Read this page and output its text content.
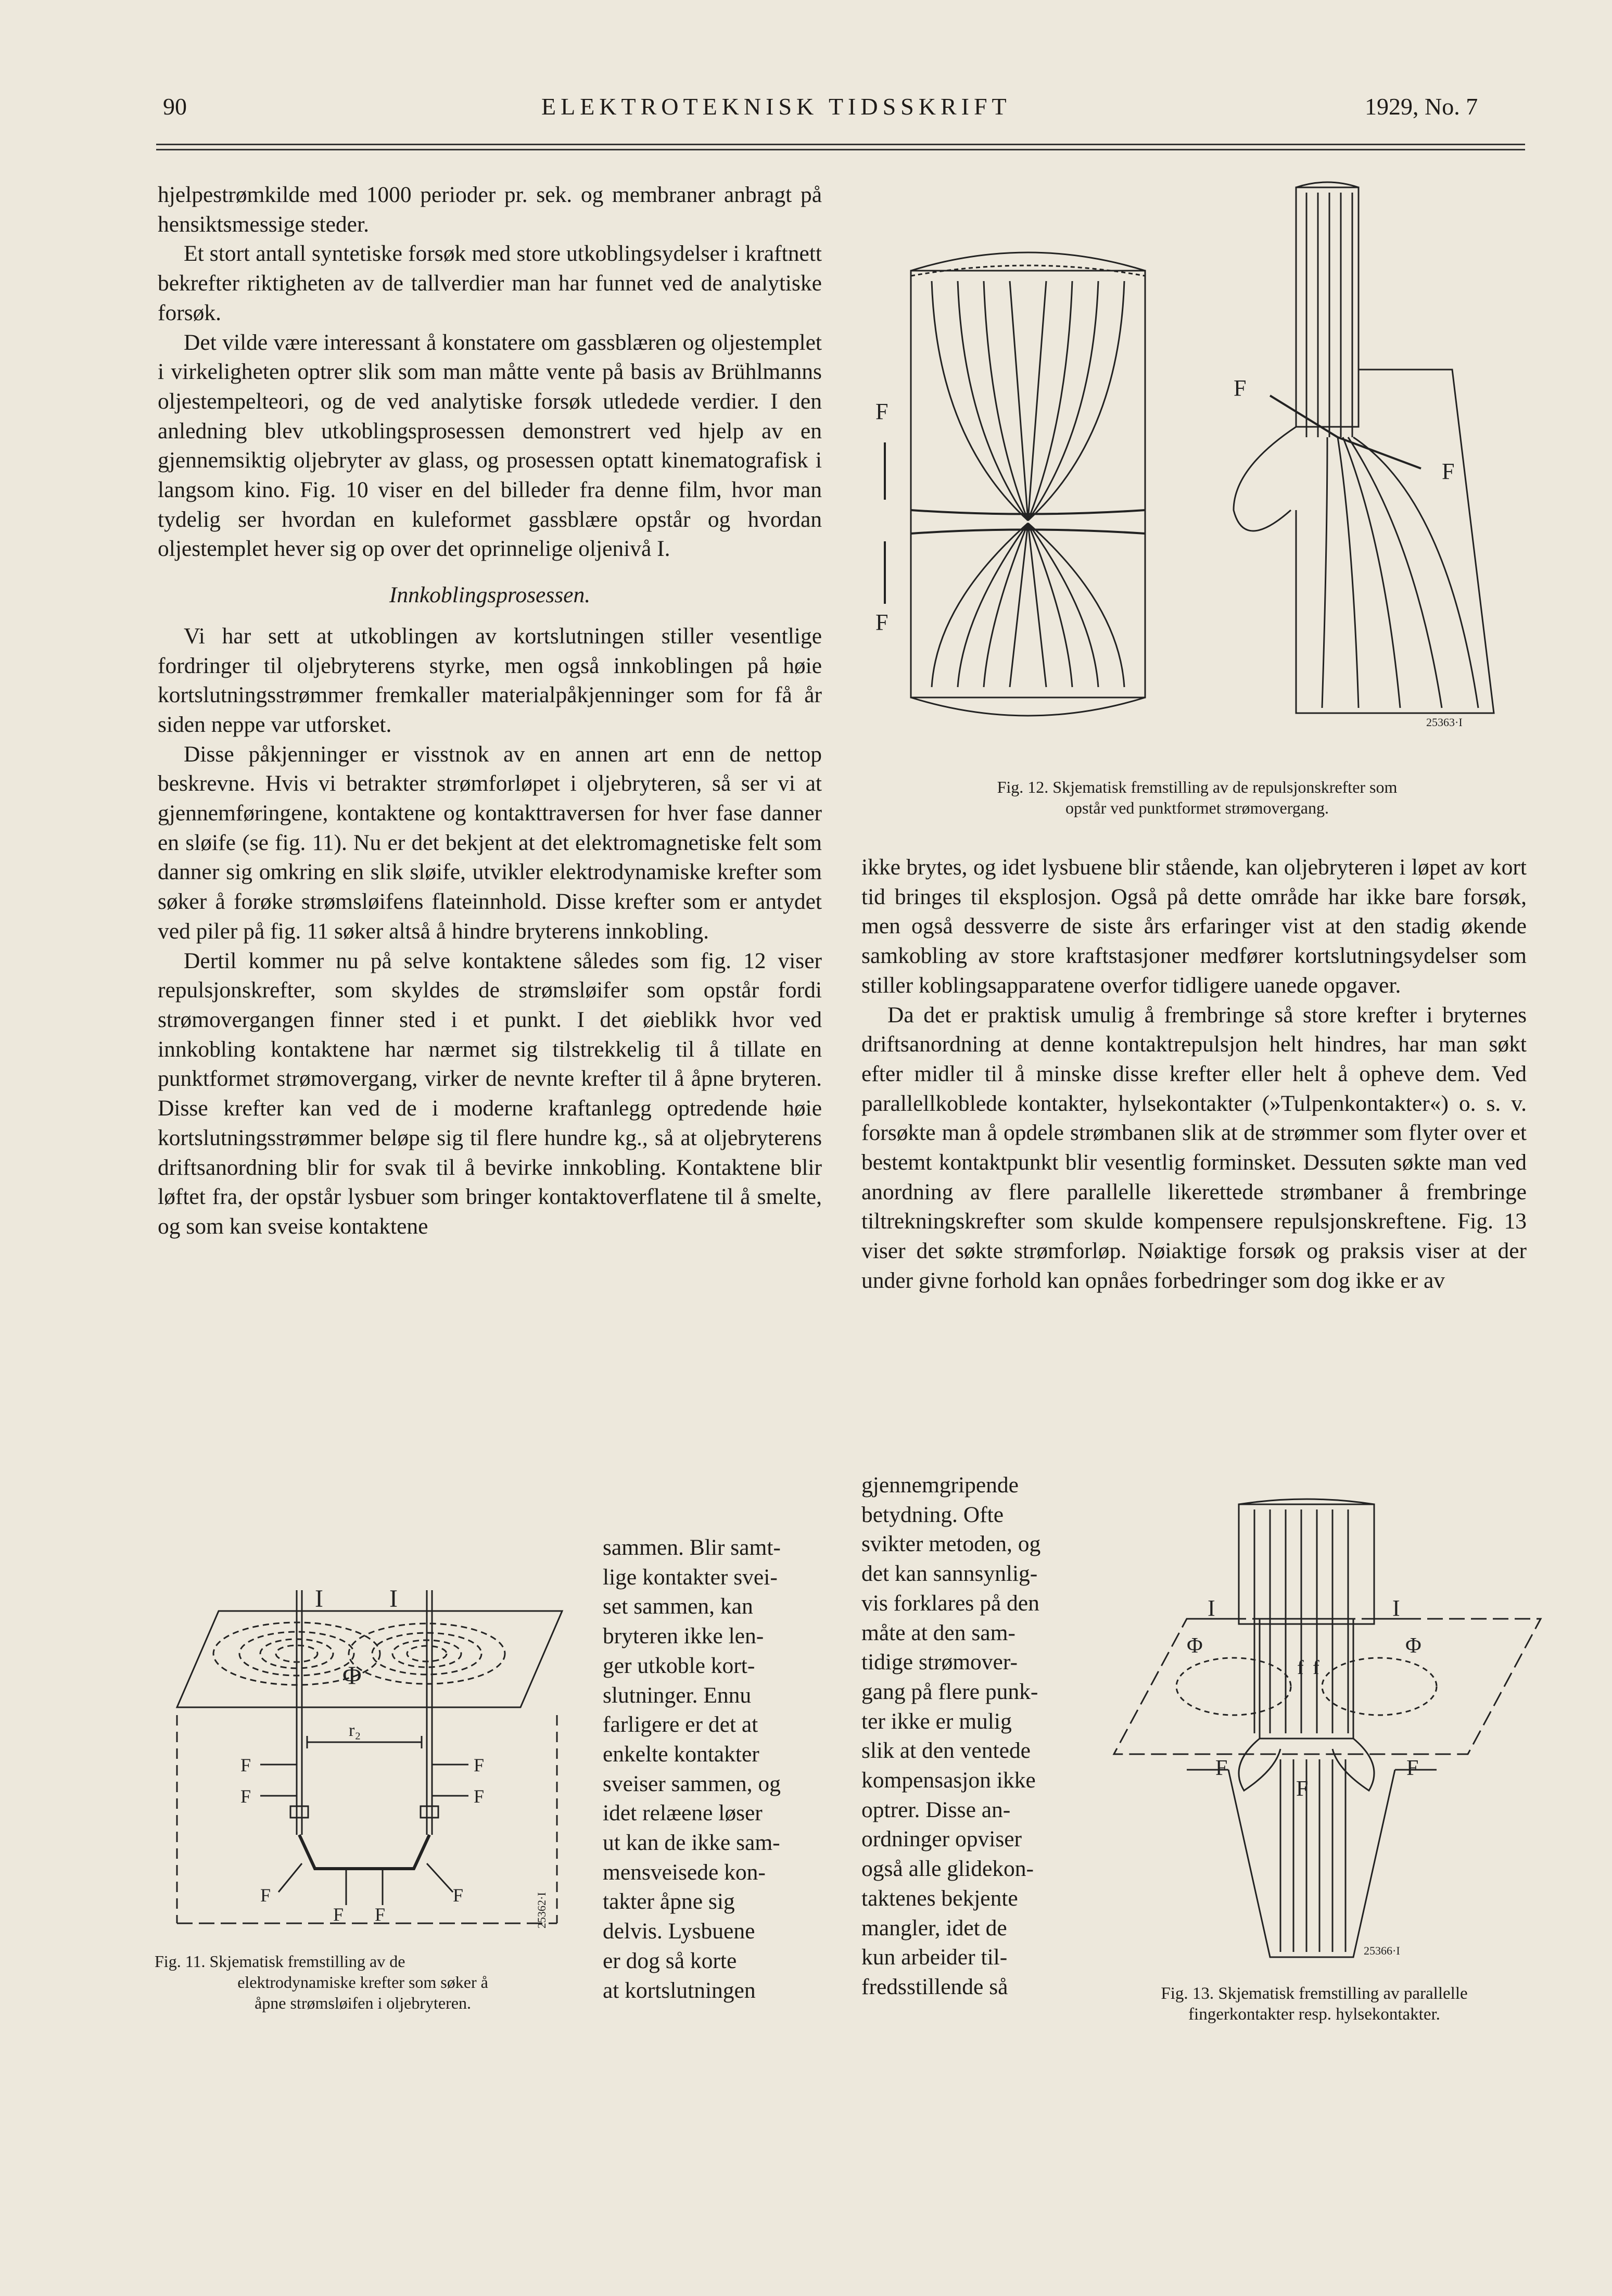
90	ELEKTROTEKNISK TIDSSKRIFT	1929, No. 7

hjelpestrømkilde med 1000 perioder pr. sek. og membraner anbragt på hensiktsmessige steder.

Et stort antall syntetiske forsøk med store utkoblingsydelser i kraftnett bekrefter riktigheten av de tallverdier man har funnet ved de analytiske forsøk.

Det vilde være interessant å konstatere om gassblæren og oljestemplet i virkeligheten optrer slik som man måtte vente på basis av Brühlmanns oljestempelteori, og de ved analytiske forsøk utledede verdier. I den anledning blev utkoblingsprosessen demonstrert ved hjelp av en gjennemsiktig oljebryter av glass, og prosessen optatt kinematografisk i langsom kino. Fig. 10 viser en del billeder fra denne film, hvor man tydelig ser hvordan en kuleformet gassblære opstår og hvordan oljestemplet hever sig op over det oprinnelige oljenivå I.

Innkoblingsprosessen.

Vi har sett at utkoblingen av kortslutningen stiller vesentlige fordringer til oljebryterens styrke, men også innkoblingen på høie kortslutningsstrømmer fremkaller materialpåkjenninger som for få år siden neppe var utforsket.

Disse påkjenninger er visstnok av en annen art enn de nettop beskrevne. Hvis vi betrakter strømforløpet i oljebryteren, så ser vi at gjennemføringene, kontaktene og kontakttraversen for hver fase danner en sløife (se fig. 11). Nu er det bekjent at det elektromagnetiske felt som danner sig omkring en slik sløife, utvikler elektrodynamiske krefter som søker å forøke strømsløifens flateinnhold. Disse krefter som er antydet ved piler på fig. 11 søker altså å hindre bryterens innkobling.

Dertil kommer nu på selve kontaktene således som fig. 12 viser repulsjonskrefter, som skyldes de strømsløifer som opstår fordi strømovergangen finner sted i et punkt. I det øieblikk hvor ved innkobling kontaktene har nærmet sig tilstrekkelig til å tillate en punktformet strømovergang, virker de nevnte krefter til å åpne bryteren. Disse krefter kan ved de i moderne kraftanlegg optredende høie kortslutningsstrømmer beløpe sig til flere hundre kg., så at oljebryterens driftsanordning blir for svak til å bevirke innkobling. Kontaktene blir løftet fra, der opstår lysbuer som bringer kontaktoverflatene til å smelte, og som kan sveise kontaktene

sammen. Blir samt-
lige kontakter svei-
set sammen, kan
bryteren ikke len-
ger utkoble kort-
slutninger. Ennu
farligere er det at
enkelte kontakter
sveiser sammen, og
idet relæene løser
ut kan de ikke sam-
mensveisede kon-
takter åpne sig
delvis. Lysbuene
er dog så korte
at kortslutningen
I	I
Φ
r₂
F
F
F
F
F	F
F F	25362·I
Fig. 11. Skjematisk fremstilling av de
elektrodynamiske krefter som søker å
åpne strømsløifen i oljebryteren.
F
F
F
F
25363·I
Fig. 12. Skjematisk fremstilling av de repulsjonskrefter som
opstår ved punktformet strømovergang.

ikke brytes, og idet lysbuene blir stående, kan oljebryteren i løpet av kort tid bringes til eksplosjon. Også på dette område har ikke bare forsøk, men også dessverre de siste års erfaringer vist at den stadig økende samkobling av store kraftstasjoner medfører kortslutningsydelser som stiller koblingsapparatene overfor tidligere uanede opgaver.

Da det er praktisk umulig å frembringe så store krefter i bryternes driftsanordning at denne kontaktrepulsjon helt hindres, har man søkt efter midler til å minske disse krefter eller helt å opheve dem. Ved parallellkoblede kontakter, hylsekontakter (»Tulpenkontakter«) o. s. v. forsøkte man å opdele strømbanen slik at de strømmer som flyter over et bestemt kontaktpunkt blir vesentlig forminsket. Dessuten søkte man ved anordning av flere parallelle likerettede strømbaner å frembringe tiltrekningskrefter som skulde kompensere repulsjonskreftene. Fig. 13 viser det søkte strømforløp. Nøiaktige forsøk og praksis viser at der under givne forhold kan opnåes forbedringer som dog ikke er av

gjennemgripende
betydning. Ofte
svikter metoden, og
det kan sannsynlig-
vis forklares på den
måte at den sam-
tidige strømover-
gang på flere punk-
ter ikke er mulig
slik at den ventede
kompensasjon ikke
optrer. Disse an-
ordninger opviser
også alle glidekon-
taktenes bekjente
mangler, idet de
kun arbeider til-
fredsstillende så
I	I
Φ	Φ
f f
F	F
F
25366·I
Fig. 13. Skjematisk fremstilling av parallelle
fingerkontakter resp. hylsekontakter.
